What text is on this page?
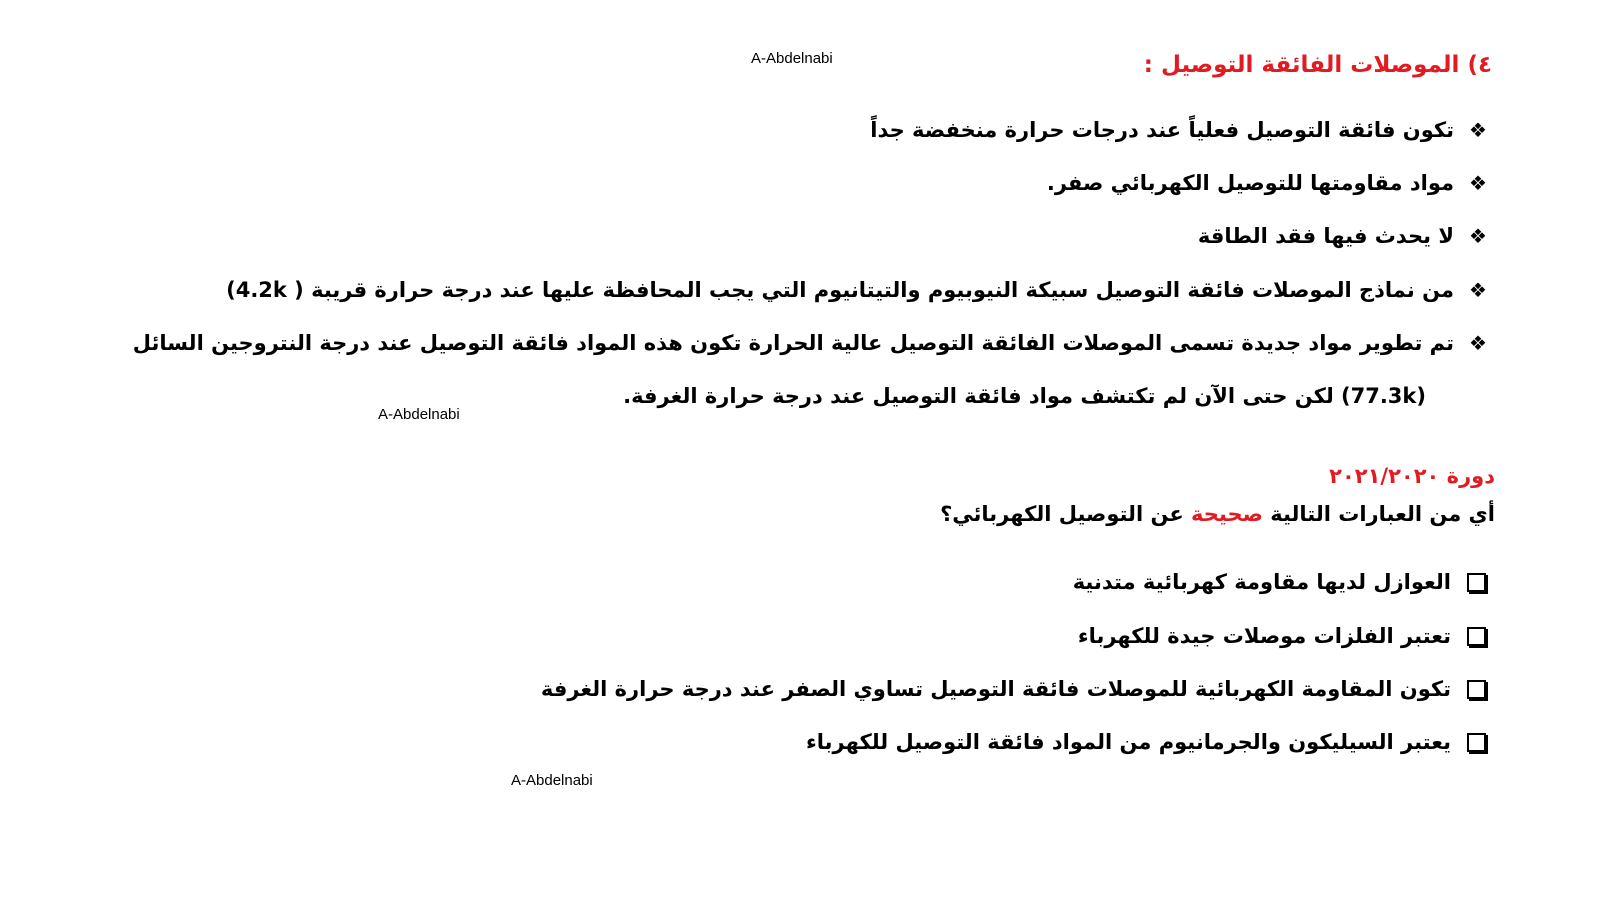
A-Abdelnabi
A-Abdelnabi
A-Abdelnabi
٤) الموصلات الفائقة التوصيل :
❖
تكون فائقة التوصيل فعلياً عند درجات حرارة منخفضة جداً
❖
مواد مقاومتها للتوصيل الكهربائي صفر.
❖
لا يحدث فيها فقد الطاقة
❖
من نماذج الموصلات فائقة التوصيل سبيكة النيوبيوم والتيتانيوم التي يجب المحافظة عليها عند درجة حرارة قريبة ( 4.2k)
❖
تم تطوير مواد جديدة تسمى الموصلات الفائقة التوصيل عالية الحرارة تكون هذه المواد فائقة التوصيل عند درجة النتروجين السائل
(77.3k) لكن حتى الآن لم تكتشف مواد فائقة التوصيل عند درجة حرارة الغرفة.
دورة ٢٠٢١/٢٠٢٠
أي من العبارات التالية صحيحة عن التوصيل الكهربائي؟
العوازل لديها مقاومة كهربائية متدنية
تعتبر الفلزات موصلات جيدة للكهرباء
تكون المقاومة الكهربائية للموصلات فائقة التوصيل تساوي الصفر عند درجة حرارة الغرفة
يعتبر السيليكون والجرمانيوم من المواد فائقة التوصيل للكهرباء
